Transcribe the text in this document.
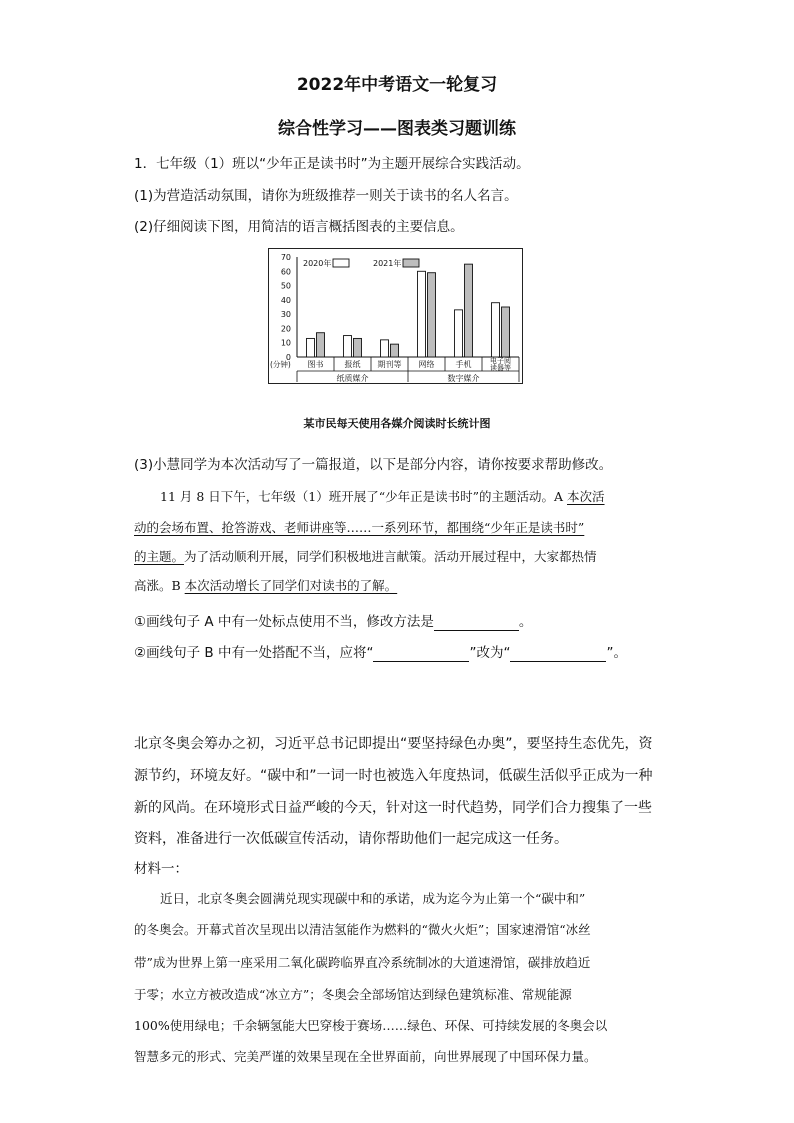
2022年中考语文一轮复习
综合性学习——图表类习题训练
1．七年级（1）班以“少年正是读书时”为主题开展综合实践活动。
(1)为营造活动氛围，请你为班级推荐一则关于读书的名人名言。
(2)仔细阅读下图，用简洁的语言概括图表的主要信息。
0
10
20
30
40
50
60
70
(分钟) 图书	报纸 期刊等 网络	手机	电子阅
读器等
纸质媒介	数字媒介
2020年	2021年
某市民每天使用各媒介阅读时长统计图
(3)小慧同学为本次活动写了一篇报道，以下是部分内容，请你按要求帮助修改。
11 月 8 日下午，七年级（1）班开展了“少年正是读书时”的主题活动。A 本次活
动的会场布置、抢答游戏、老师讲座等……一系列环节，都围绕“少年正是读书时”
的主题。为了活动顺利开展，同学们积极地进言献策。活动开展过程中，大家都热情
高涨。B 本次活动增长了同学们对读书的了解。
①画线句子 A 中有一处标点使用不当，修改方法是	。
②画线句子 B 中有一处搭配不当，应将“	”改为“	”。
北京冬奥会筹办之初，习近平总书记即提出“要坚持绿色办奥”，要坚持生态优先，资
源节约，环境友好。“碳中和”一词一时也被选入年度热词，低碳生活似乎正成为一种
新的风尚。在环境形式日益严峻的今天，针对这一时代趋势，同学们合力搜集了一些
资料，准备进行一次低碳宣传活动，请你帮助他们一起完成这一任务。
材料一：
近日，北京冬奥会圆满兑现实现碳中和的承诺，成为迄今为止第一个“碳中和”
的冬奥会。开幕式首次呈现出以清洁氢能作为燃料的“微火火炬”；国家速滑馆“冰丝
带”成为世界上第一座采用二氧化碳跨临界直冷系统制冰的大道速滑馆，碳排放趋近
于零；水立方被改造成“冰立方”；冬奥会全部场馆达到绿色建筑标准、常规能源
100%使用绿电；千余辆氢能大巴穿梭于赛场……绿色、环保、可持续发展的冬奥会以
智慧多元的形式、完美严谨的效果呈现在全世界面前，向世界展现了中国环保力量。
